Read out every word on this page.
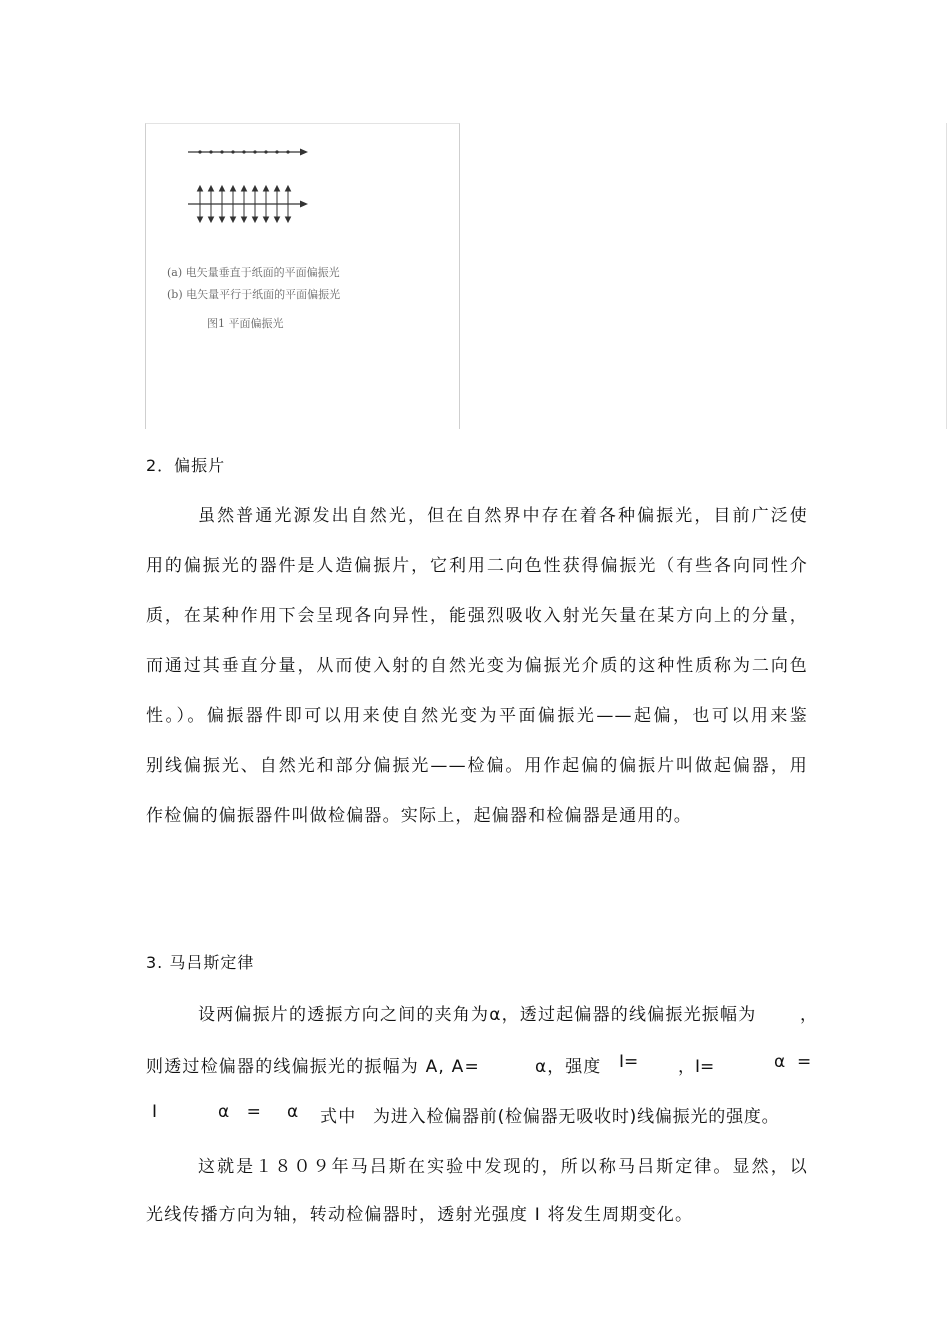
(a) 电矢量垂直于纸面的平面偏振光
(b) 电矢量平行于纸面的平面偏振光
图1 平面偏振光
2．偏振片
虽然普通光源发出自然光，但在自然界中存在着各种偏振光，目前广泛使
用的偏振光的器件是人造偏振片，它利用二向色性获得偏振光（有些各向同性介
质，在某种作用下会呈现各向异性，能强烈吸收入射光矢量在某方向上的分量，
而通过其垂直分量，从而使入射的自然光变为偏振光介质的这种性质称为二向色
性。）。偏振器件即可以用来使自然光变为平面偏振光——起偏，也可以用来鉴
别线偏振光、自然光和部分偏振光——检偏。用作起偏的偏振片叫做起偏器，用
作检偏的偏振器件叫做检偏器。实际上，起偏器和检偏器是通用的。
3. 马吕斯定律
设两偏振片的透振方向之间的夹角为α，透过起偏器的线偏振光振幅为	，
则透过检偏器的线偏振光的振幅为 A, A=	α，强度 I= ，I=	α =
I	α = α 式中 为进入检偏器前(检偏器无吸收时)线偏振光的强度。
这就是１８０９年马吕斯在实验中发现的，所以称马吕斯定律。显然，以
光线传播方向为轴，转动检偏器时，透射光强度 I 将发生周期变化。
